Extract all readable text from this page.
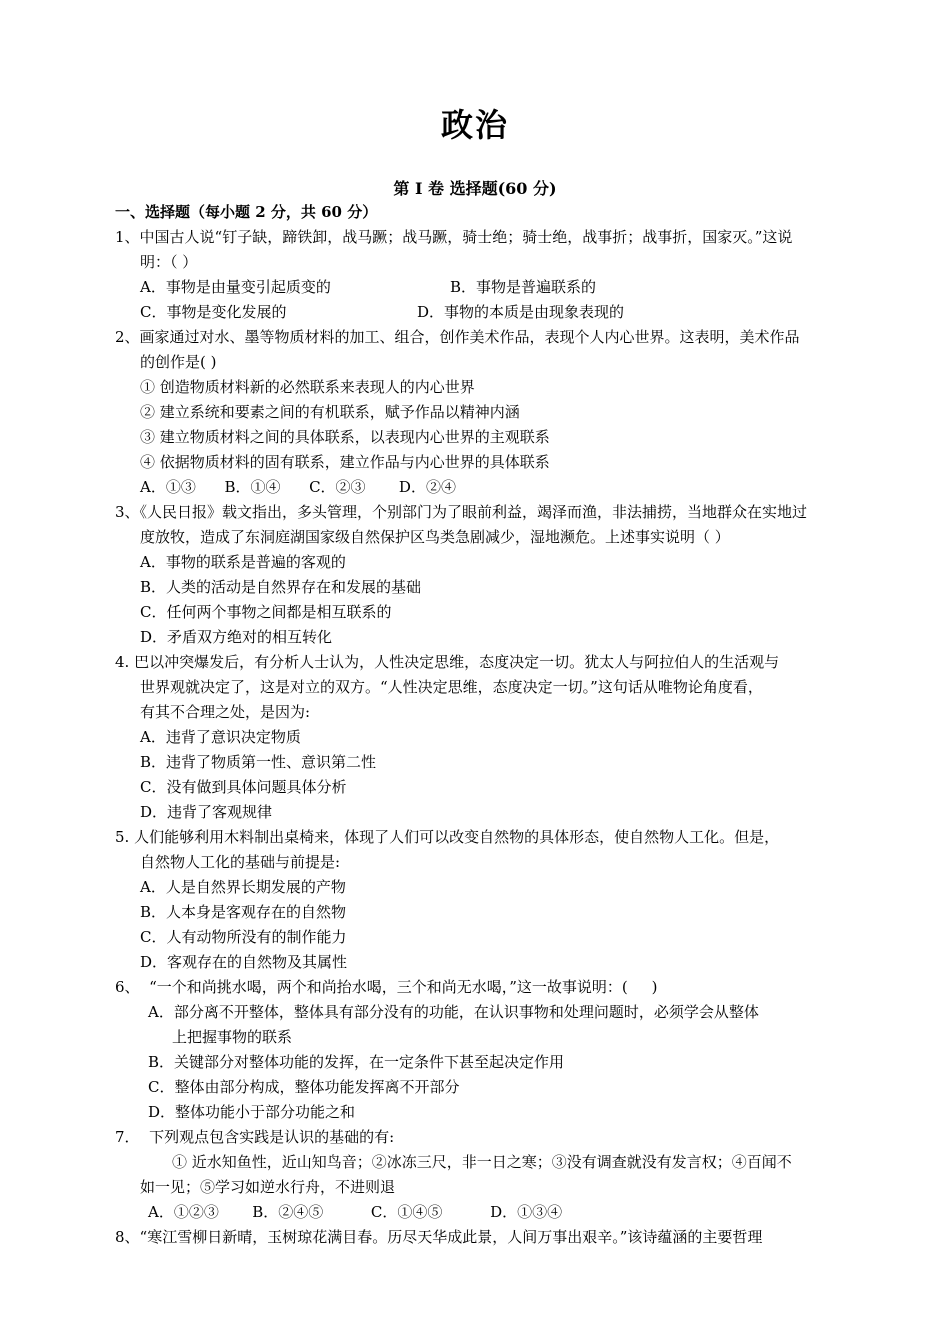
政治
第 I 卷 选择题(60 分)
一、选择题（每小题 2 分，共 60 分）
1、中国古人说“钉子缺，蹄铁卸，战马蹶；战马蹶，骑士绝；骑士绝，战事折；战事折，国家灭。”这说
明：（ ）
A．事物是由量变引起质变的	B．事物是普遍联系的
C．事物是变化发展的	D．事物的本质是由现象表现的
2、画家通过对水、墨等物质材料的加工、组合，创作美术作品，表现个人内心世界。这表明，美术作品
的创作是( )
① 创造物质材料新的必然联系来表现人的内心世界
② 建立系统和要素之间的有机联系，赋予作品以精神内涵
③ 建立物质材料之间的具体联系，以表现内心世界的主观联系
④ 依据物质材料的固有联系，建立作品与内心世界的具体联系
A．①③      B．①④      C．②③       D．②④
3、《人民日报》载文指出，多头管理，个别部门为了眼前利益，竭泽而渔，非法捕捞，当地群众在实地过
度放牧，造成了东洞庭湖国家级自然保护区鸟类急剧减少，湿地濒危。上述事实说明（ ）
A．事物的联系是普遍的客观的
B．人类的活动是自然界存在和发展的基础
C．任何两个事物之间都是相互联系的
D．矛盾双方绝对的相互转化
4. 巴以冲突爆发后，有分析人士认为，人性决定思维，态度决定一切。犹太人与阿拉伯人的生活观与
世界观就决定了，这是对立的双方。“人性决定思维，态度决定一切。”这句话从唯物论角度看，
有其不合理之处，是因为:
A．违背了意识决定物质
B．违背了物质第一性、意识第二性
C．没有做到具体问题具体分析
D．违背了客观规律
5. 人们能够利用木料制出桌椅来，体现了人们可以改变自然物的具体形态，使自然物人工化。但是，
自然物人工化的基础与前提是:
A．人是自然界长期发展的产物
B．人本身是客观存在的自然物
C．人有动物所没有的制作能力
D．客观存在的自然物及其属性
6、  “一个和尚挑水喝，两个和尚抬水喝，三个和尚无水喝，”这一故事说明：(     )
A．部分离不开整体，整体具有部分没有的功能，在认识事物和处理问题时，必须学会从整体
上把握事物的联系
B．关键部分对整体功能的发挥，在一定条件下甚至起决定作用
C．整体由部分构成，整体功能发挥离不开部分
D．整体功能小于部分功能之和
7．  下列观点包含实践是认识的基础的有:
① 近水知鱼性，近山知鸟音；②冰冻三尺，非一日之寒；③没有调查就没有发言权；④百闻不
如一见；⑤学习如逆水行舟，不进则退
A．①②③       B．②④⑤          C．①④⑤          D．①③④
8、“寒江雪柳日新晴，玉树琼花满目春。历尽天华成此景，人间万事出艰辛。”该诗蕴涵的主要哲理
